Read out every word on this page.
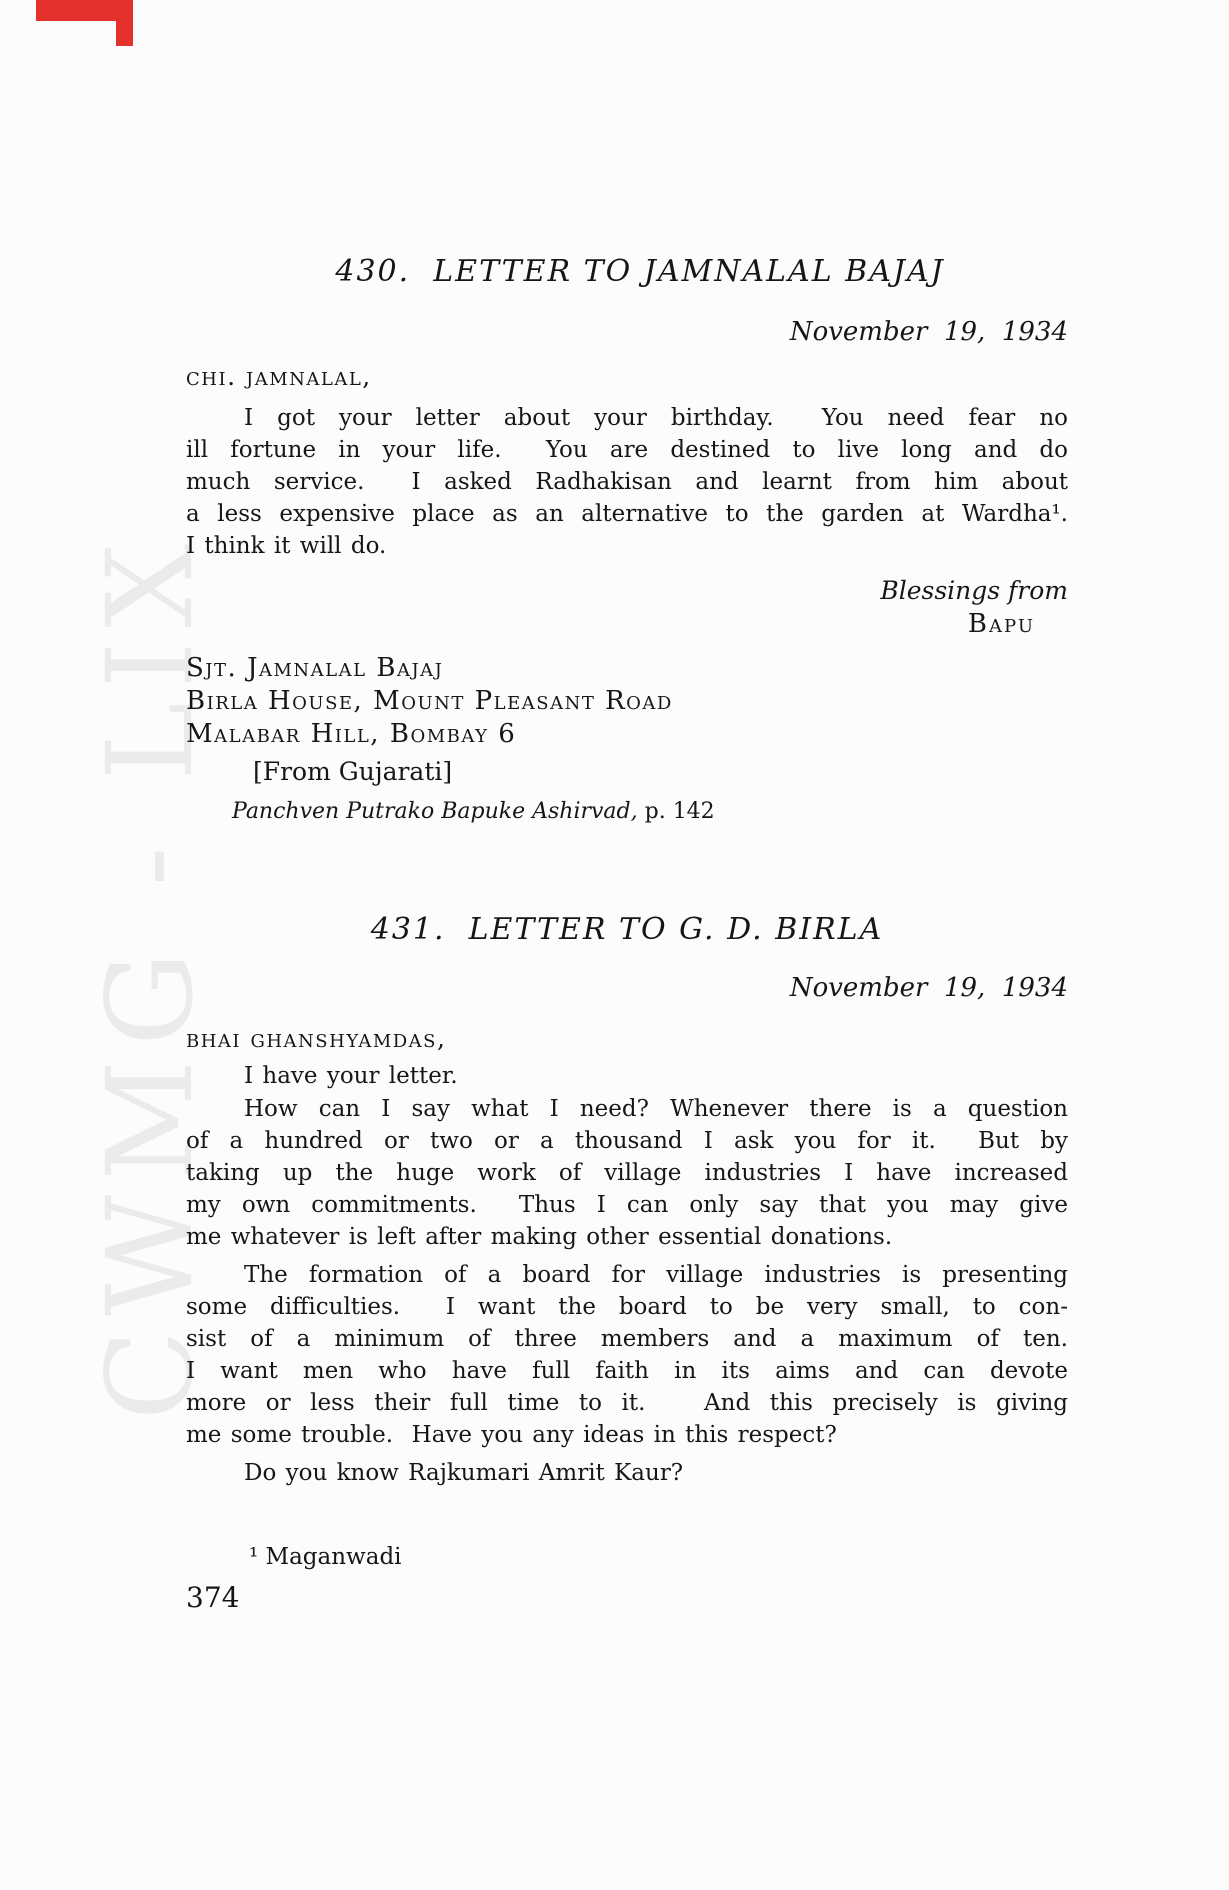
CWMG - LIX
430.  LETTER TO JAMNALAL BAJAJ
November  19,  1934
chi. jamnalal,
I got your letter about your birthday.  You need fear no
ill fortune in your life.  You are destined to live long and do
much service.  I asked Radhakisan and learnt from him about
a less expensive place as an alternative to the garden at Wardha¹.
I think it will do.
Blessings from
Bapu
Sjt. Jamnalal Bajaj
Birla House, Mount Pleasant Road
Malabar Hill, Bombay 6
[From Gujarati]
Panchven Putrako Bapuke Ashirvad, p. 142
431.  LETTER TO G. D. BIRLA
November  19,  1934
bhai ghanshyamdas,
I have your letter.
How can I say what I need? Whenever there is a question
of a hundred or two or a thousand I ask you for it.  But by
taking up the huge work of village industries I have increased
my own commitments.  Thus I can only say that you may give
me whatever is left after making other essential donations.
The formation of a board for village industries is presenting
some difficulties.  I want the board to be very small, to con-
sist of a minimum of three members and a maximum of ten.
I want men who have full faith in its aims and can devote
more or less their full time to it.   And this precisely is giving
me some trouble.  Have you any ideas in this respect?
Do you know Rajkumari Amrit Kaur?
¹ Maganwadi
374
